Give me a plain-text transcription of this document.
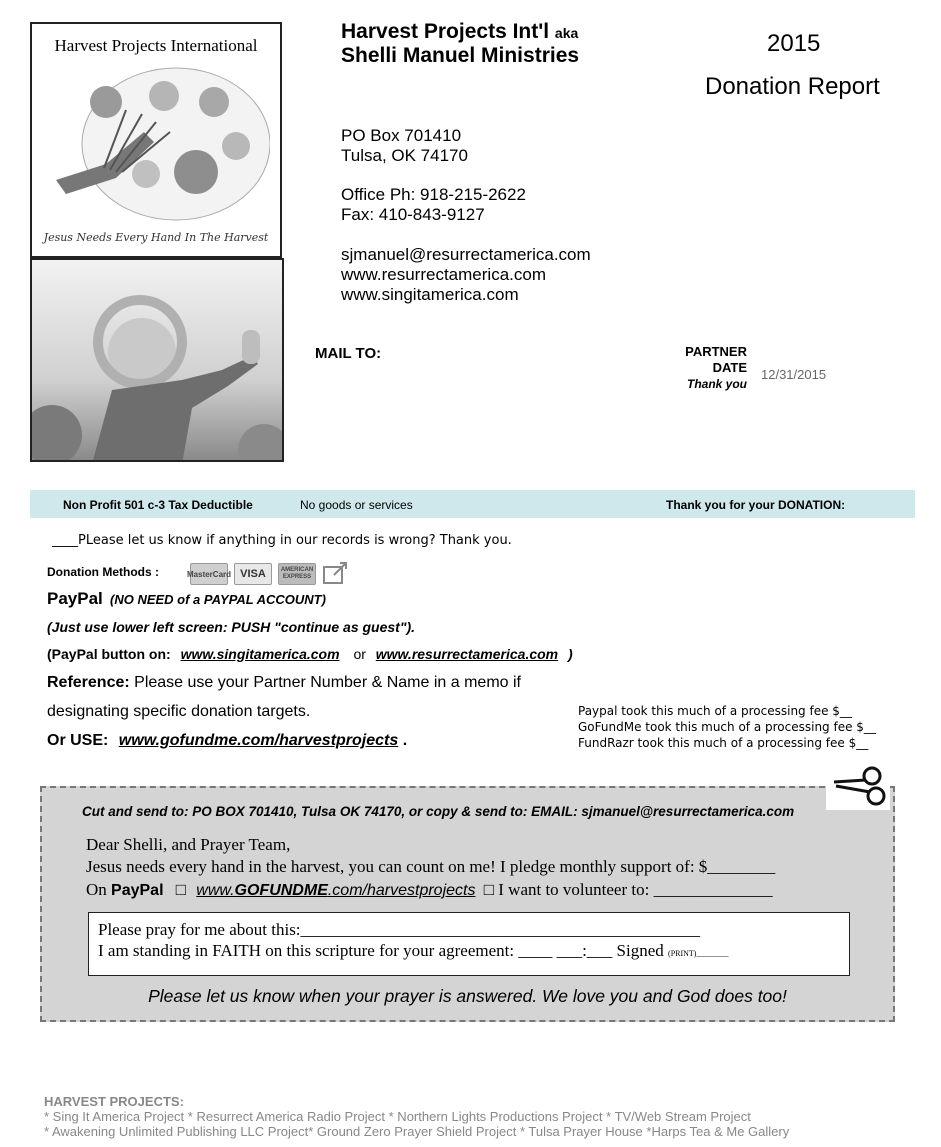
Harvest Projects International
Jesus Needs Every Hand In The Harvest
Harvest Projects Int'l aka
Shelli Manuel Ministries	2015
Donation Report
PO Box 701410
Tulsa, OK 74170
Office Ph: 918-215-2622
Fax: 410-843-9127
sjmanuel@resurrectamerica.com
www.resurrectamerica.com
www.singitamerica.com
MAIL TO:	PARTNER
DATE
Thank you
12/31/2015
Non Profit 501 c-3 Tax Deductible	No goods or services	Thank you for your DONATION:
____PLease let us know if anything in our records is wrong? Thank you.
Donation Methods :	MasterCard VISA	AMERICAN EXPRESS
PayPal (NO NEED of a PAYPAL ACCOUNT)
(Just use lower left screen: PUSH "continue as guest").
(PayPal button on: www.singitamerica.com or www.resurrectamerica.com )
Reference: Please use your Partner Number & Name in a memo if
designating specific donation targets.
Or USE: www.gofundme.com/harvestprojects .
Paypal took this much of a processing fee $__
GoFundMe took this much of a processing fee $__
FundRazr took this much of a processing fee $__
Cut and send to: PO BOX 701410, Tulsa OK 74170, or copy & send to: EMAIL: sjmanuel@resurrectamerica.com
Dear Shelli, and Prayer Team,
Jesus needs every hand in the harvest, you can count on me! I pledge monthly support of: $________
On PayPal □ www.GOFUNDME.com/harvestprojects □ I want to volunteer to: ______________
Please pray for me about this:_______________________________________________
I am standing in FAITH on this scripture for your agreement: ____ ___:___ Signed (PRINT)________
Please let us know when your prayer is answered. We love you and God does too!
HARVEST PROJECTS:
* Sing It America Project * Resurrect America Radio Project * Northern Lights Productions Project * TV/Web Stream Project
* Awakening Unlimited Publishing LLC Project* Ground Zero Prayer Shield Project * Tulsa Prayer House *Harps Tea & Me Gallery
